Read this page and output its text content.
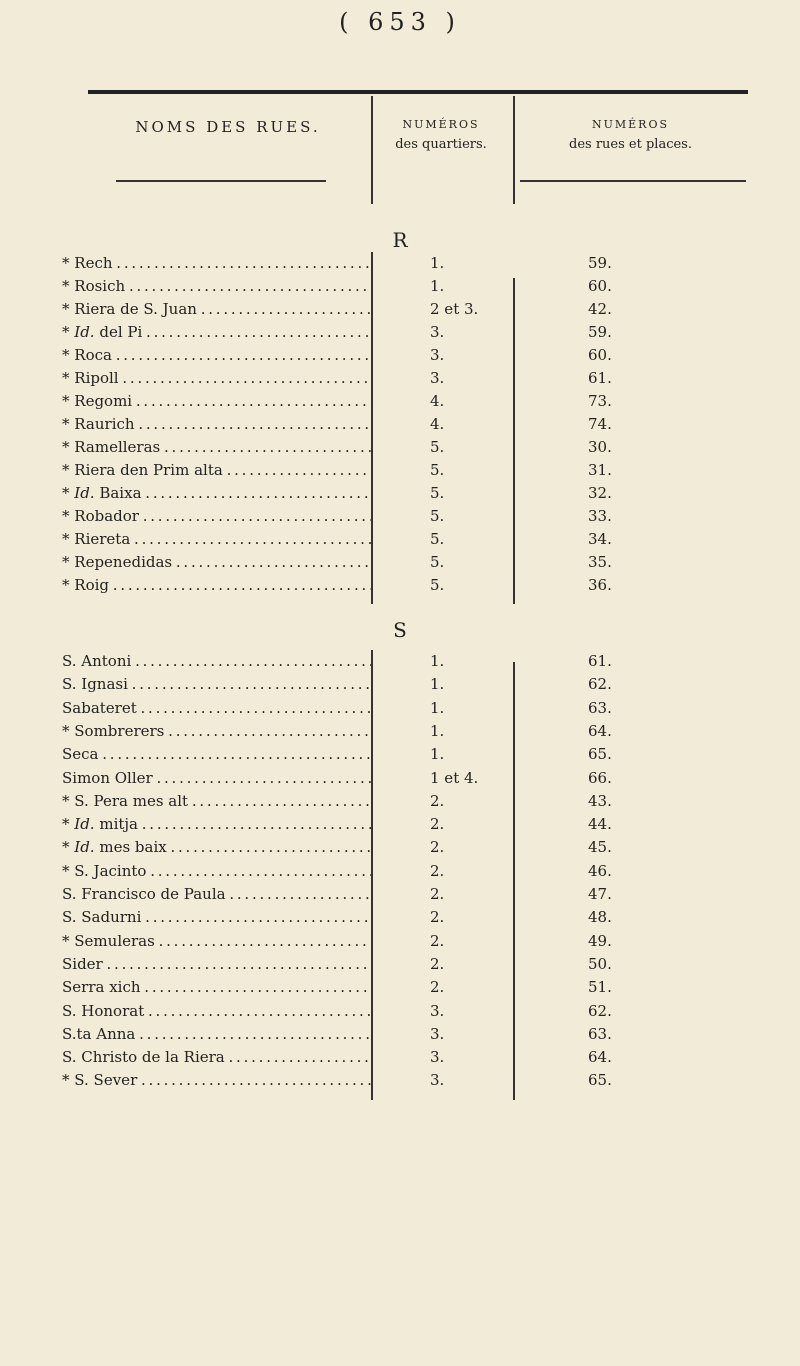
( 653 )
NOMS DES RUES.	NUMÉROS
des quartiers.
NUMÉROS
des rues et places.
R
* Rech . . .	1.	59.
* Rosich . . .	1.	60.
* Riera de S. Juan . . .	2 et 3.	42.
* Id. del Pi . . .	3.	59.
* Roca . . .	3.	60.
* Ripoll . . .	3.	61.
* Regomi . . .	4.	73.
* Raurich . . .	4.	74.
* Ramelleras . . .	5.	30.
* Riera den Prim alta . . .	5.	31.
* Id. Baixa . . .	5.	32.
* Robador . . .	5.	33.
* Riereta . . .	5.	34.
* Repenedidas . . .	5.	35.
* Roig . . .	5.	36.
S
S. Antoni . . .	1.	61.
S. Ignasi . . .	1.	62.
Sabateret . . .	1.	63.
* Sombrerers . . .	1.	64.
Seca . . .	1.	65.
Simon Oller . . .	1 et 4.	66.
* S. Pera mes alt . . .	2.	43.
* Id. mitja . . .	2.	44.
* Id. mes baix . . .	2.	45.
* S. Jacinto . . .	2.	46.
S. Francisco de Paula . . .	2.	47.
S. Sadurni . . .	2.	48.
* Semuleras . . .	2.	49.
Sider . . .	2.	50.
Serra xich . . .	2.	51.
S. Honorat . . .	3.	62.
S.ta Anna . . .	3.	63.
S. Christo de la Riera . . .	3.	64.
* S. Sever . . .	3.	65.
